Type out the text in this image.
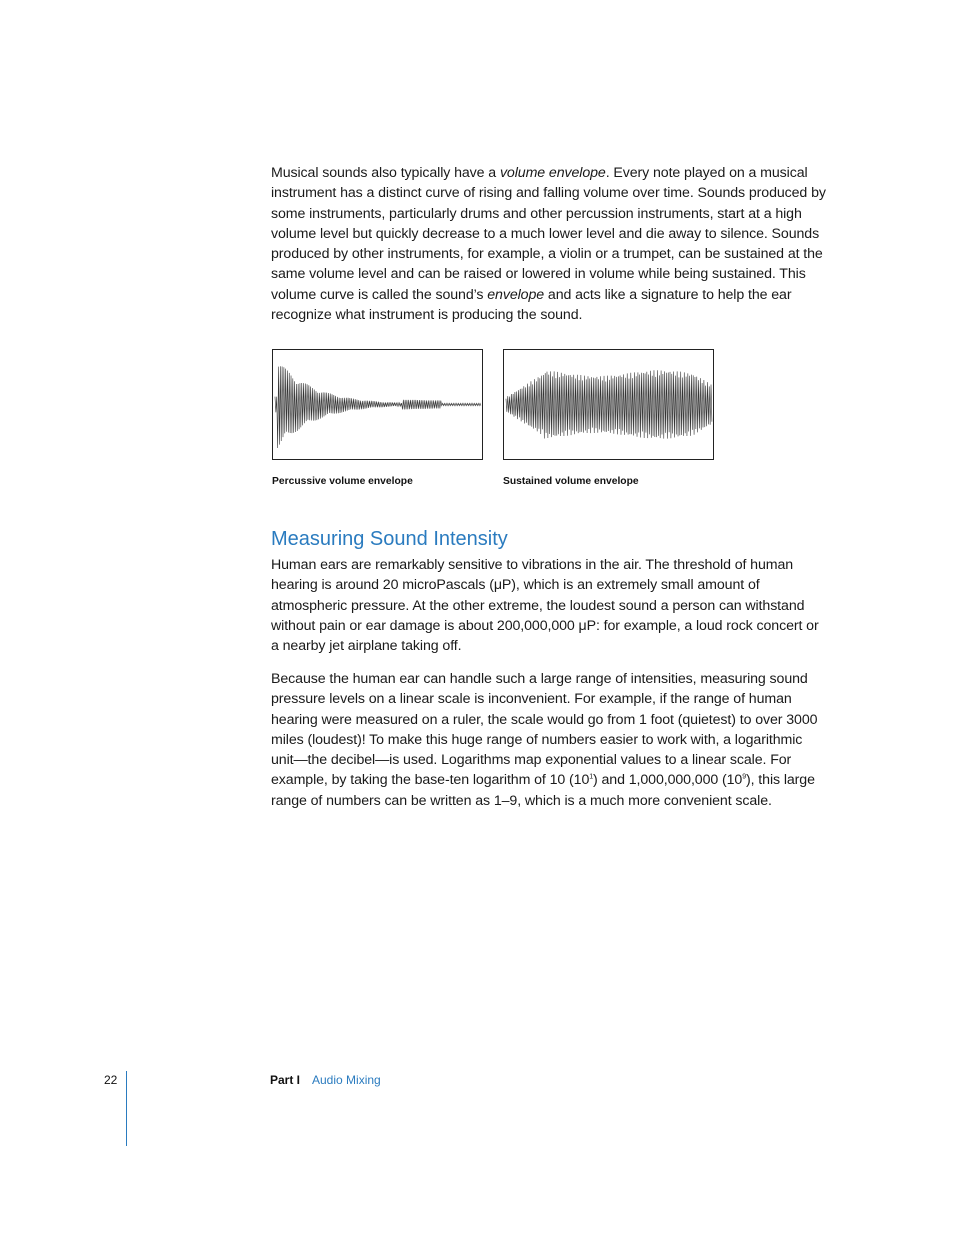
Musical sounds also typically have a volume envelope. Every note played on a musical instrument has a distinct curve of rising and falling volume over time. Sounds produced by some instruments, particularly drums and other percussion instruments, start at a high volume level but quickly decrease to a much lower level and die away to silence. Sounds produced by other instruments, for example, a violin or a trumpet, can be sustained at the same volume level and can be raised or lowered in volume while being sustained. This volume curve is called the sound’s envelope and acts like a signature to help the ear recognize what instrument is producing the sound.

Percussive volume envelope	Sustained volume envelope
Measuring Sound Intensity

Human ears are remarkably sensitive to vibrations in the air. The threshold of human hearing is around 20 microPascals (μP), which is an extremely small amount of atmospheric pressure. At the other extreme, the loudest sound a person can withstand without pain or ear damage is about 200,000,000 μP: for example, a loud rock concert or a nearby jet airplane taking off.

Because the human ear can handle such a large range of intensities, measuring sound pressure levels on a linear scale is inconvenient. For example, if the range of human hearing were measured on a ruler, the scale would go from 1 foot (quietest) to over 3000 miles (loudest)! To make this huge range of numbers easier to work with, a logarithmic unit—the decibel—is used. Logarithms map exponential values to a linear scale. For example, by taking the base-ten logarithm of 10 $(10^1)$ and 1,000,000,000 $(10^9)$, this large range of numbers can be written as 1–9, which is a much more convenient scale.

22	Part I Audio Mixing
